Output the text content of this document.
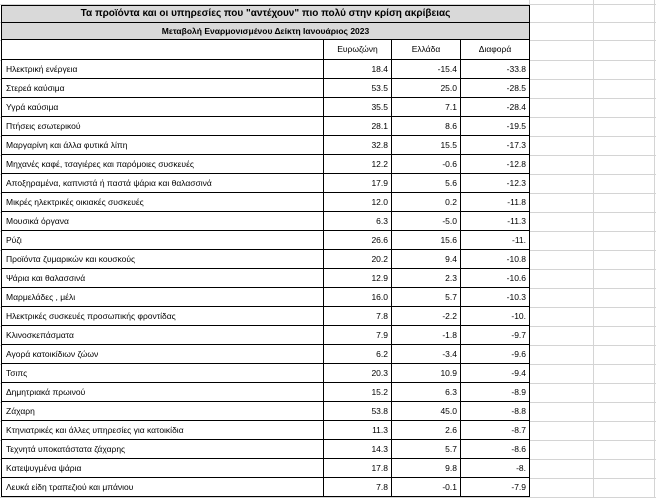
Τα προϊόντα και οι υπηρεσίες που "αντέχουν" πιο πολύ στην κρίση ακρίβειας			
Μεταβολή Εναρμονισμένου Δείκτη Ιανουάριος 2023			
	Ευρωζώνη	Ελλάδα	Διαφορά
Ηλεκτρική ενέργεια	18.4	-15.4	-33.8
Στερεά καύσιμα	53.5	25.0	-28.5
Υγρά καύσιμα	35.5	7.1	-28.4
Πτήσεις εσωτερικού	28.1	8.6	-19.5
Μαργαρίνη και άλλα φυτικά λίπη	32.8	15.5	-17.3
Μηχανές καφέ, τσαγιέρες και παρόμοιες συσκευές	12.2	-0.6	-12.8
Αποξηραμένα, καπνιστά ή παστά ψάρια και θαλασσινά	17.9	5.6	-12.3
Μικρές ηλεκτρικές οικιακές συσκευές	12.0	0.2	-11.8
Μουσικά όργανα	6.3	-5.0	-11.3
Ρύζι	26.6	15.6	-11.
Προϊόντα ζυμαρικών και κουσκούς	20.2	9.4	-10.8
Ψάρια και θαλασσινά	12.9	2.3	-10.6
Μαρμελάδες , μέλι	16.0	5.7	-10.3
Ηλεκτρικές συσκευές προσωπικής φροντίδας	7.8	-2.2	-10.
Κλινοσκεπάσματα	7.9	-1.8	-9.7
Αγορά κατοικίδιων ζώων	6.2	-3.4	-9.6
Τσιπς	20.3	10.9	-9.4
Δημητριακά πρωινού	15.2	6.3	-8.9
Ζάχαρη	53.8	45.0	-8.8
Κτηνιατρικές και άλλες υπηρεσίες για κατοικίδια	11.3	2.6	-8.7
Τεχνητά υποκατάστατα ζάχαρης	14.3	5.7	-8.6
Κατεψυγμένα ψάρια	17.8	9.8	-8.
Λευκά είδη τραπεζιού και μπάνιου	7.8	-0.1	-7.9
